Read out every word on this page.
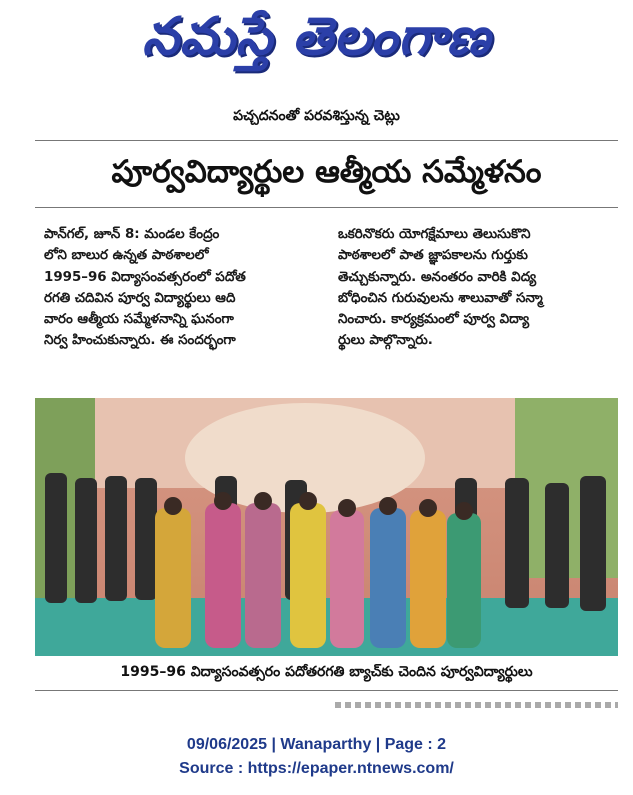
నమస్తే తెలంగాణ
పచ్చదనంతో పరవశిస్తున్న చెట్లు
పూర్వవిద్యార్థుల ఆత్మీయ సమ్మేళనం

పాన్‌గల్, జూన్ 8: మండల కేంద్రం

లోని బాలుర ఉన్నత పాఠశాలలో

1995–96 విద్యాసంవత్సరంలో పదోత

రగతి చదివిన పూర్వ విద్యార్థులు ఆది

వారం ఆత్మీయ సమ్మేళనాన్ని ఘనంగా

నిర్వ హించుకున్నారు. ఈ సందర్భంగా

ఒకరినొకరు యోగక్షేమాలు తెలుసుకొని

పాఠశాలలో పాత జ్ఞాపకాలను గుర్తుకు

తెచ్చుకున్నారు. అనంతరం వారికి విద్య

బోధించిన గురువులను శాలువాతో సన్మా

నించారు. కార్యక్రమంలో పూర్వ విద్యా

ర్థులు పాల్గొన్నారు.

1995–96 విద్యాసంవత్సరం పదోతరగతి బ్యాచ్‌కు చెందిన పూర్వవిద్యార్థులు
09/06/2025 | Wanaparthy | Page : 2
Source : https://epaper.ntnews.com/
